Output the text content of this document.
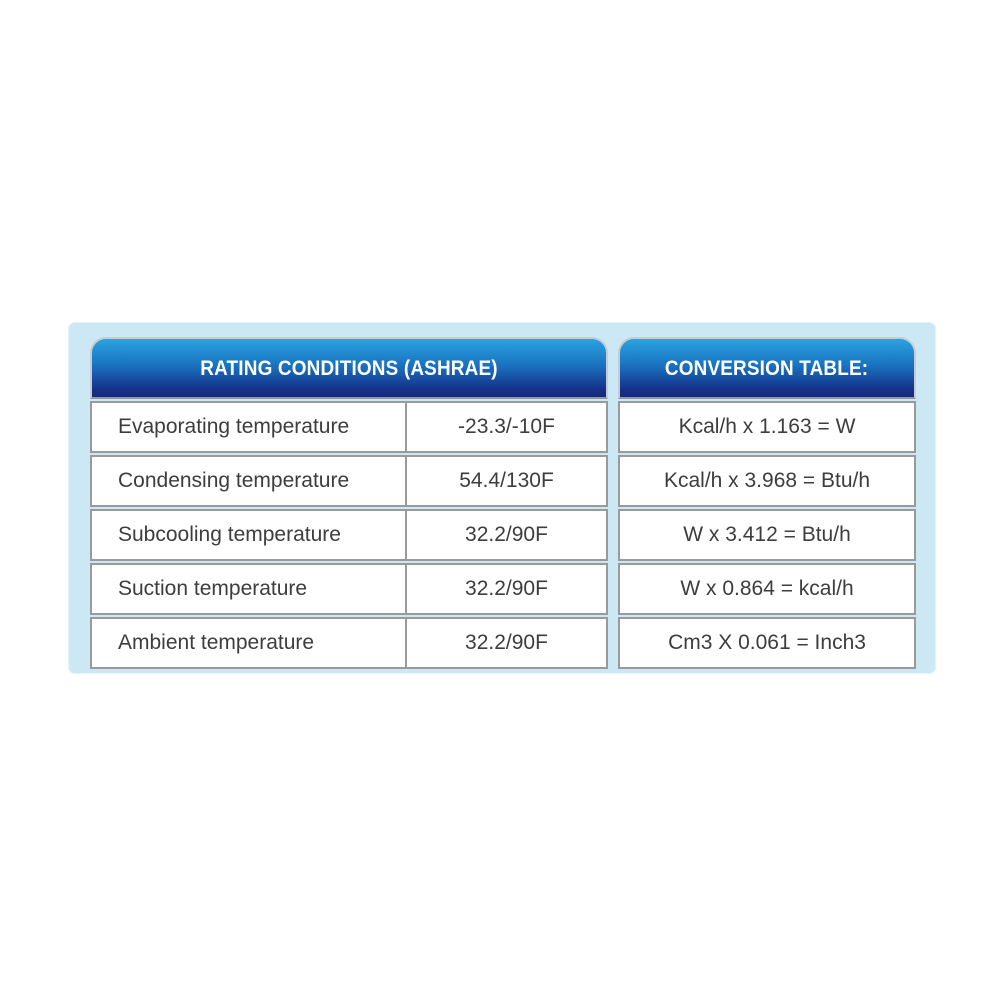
RATING CONDITIONS (ASHRAE)
Evaporating temperature	-23.3/-10F
Condensing temperature	54.4/130F
Subcooling temperature	32.2/90F
Suction temperature	32.2/90F
Ambient temperature	32.2/90F
CONVERSION TABLE:
Kcal/h x 1.163 = W
Kcal/h x 3.968 = Btu/h
W x 3.412 = Btu/h
W x 0.864 = kcal/h
Cm3 X 0.061 = Inch3
